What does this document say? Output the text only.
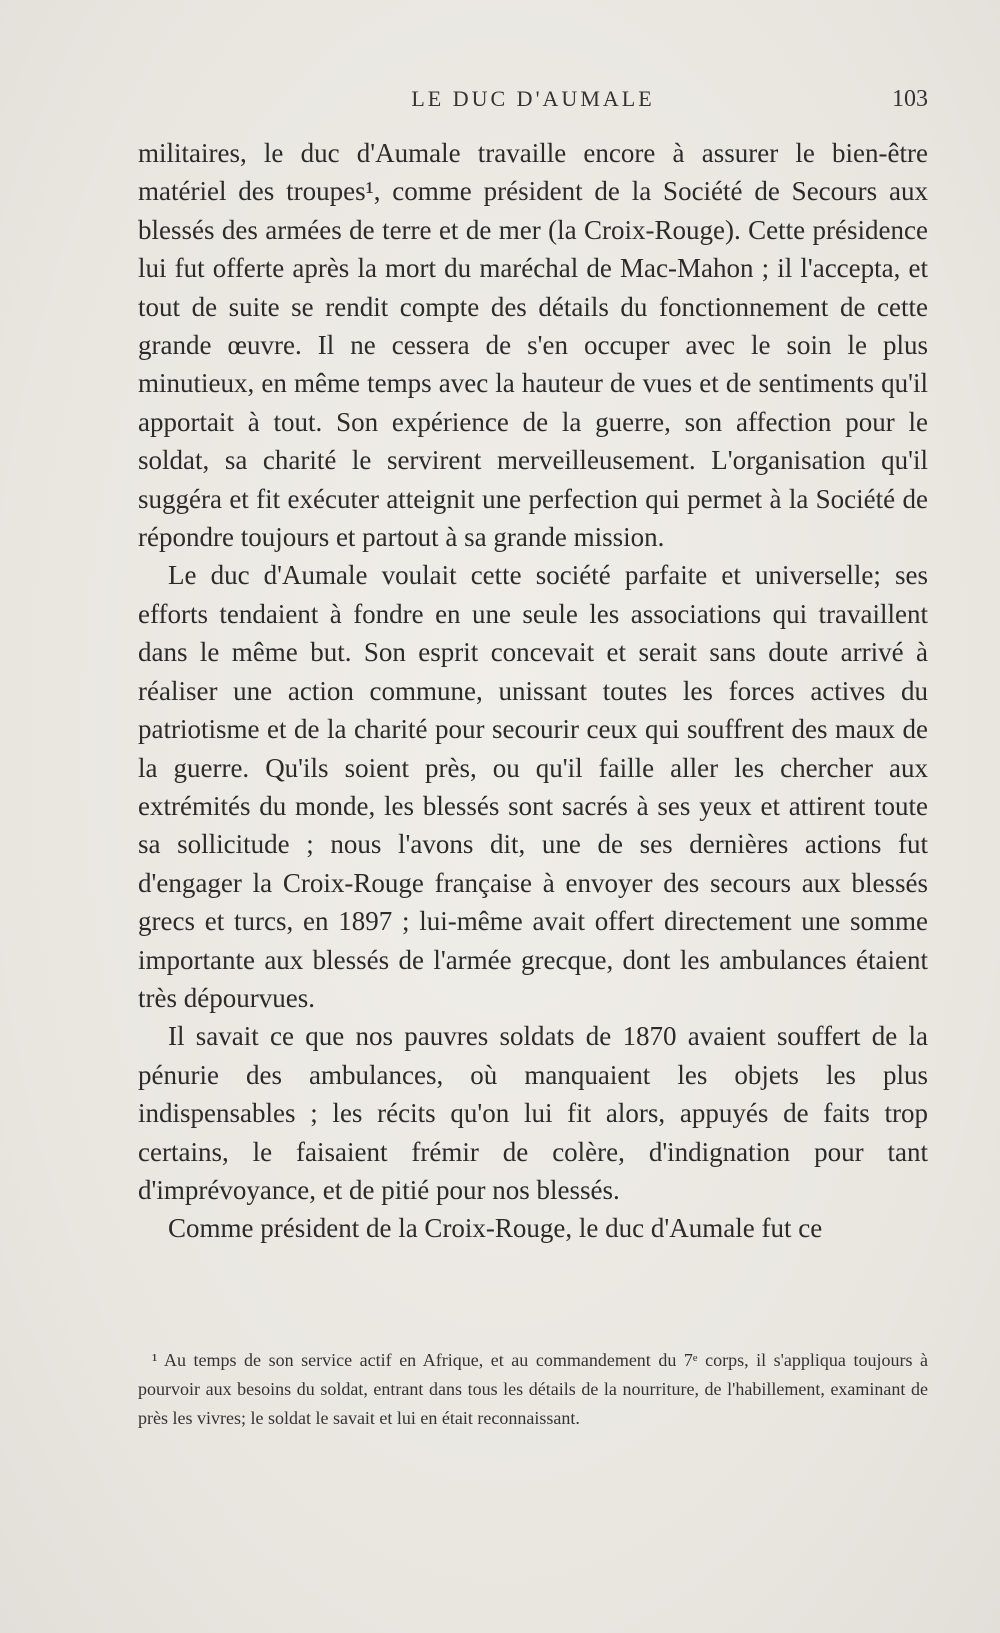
LE DUC D'AUMALE	103

militaires, le duc d'Aumale travaille encore à assurer le bien-être matériel des troupes¹, comme président de la Société de Secours aux blessés des armées de terre et de mer (la Croix-Rouge). Cette présidence lui fut offerte après la mort du maréchal de Mac-Mahon ; il l'accepta, et tout de suite se rendit compte des détails du fonctionnement de cette grande œuvre. Il ne cessera de s'en occuper avec le soin le plus minutieux, en même temps avec la hauteur de vues et de sentiments qu'il apportait à tout. Son expérience de la guerre, son affection pour le soldat, sa charité le servirent merveilleusement. L'organisation qu'il suggéra et fit exécuter atteignit une perfection qui permet à la Société de répondre toujours et partout à sa grande mission.

Le duc d'Aumale voulait cette société parfaite et universelle; ses efforts tendaient à fondre en une seule les associations qui travaillent dans le même but. Son esprit concevait et serait sans doute arrivé à réaliser une action commune, unissant toutes les forces actives du patriotisme et de la charité pour secourir ceux qui souffrent des maux de la guerre. Qu'ils soient près, ou qu'il faille aller les chercher aux extrémités du monde, les blessés sont sacrés à ses yeux et attirent toute sa sollicitude ; nous l'avons dit, une de ses dernières actions fut d'engager la Croix-Rouge française à envoyer des secours aux blessés grecs et turcs, en 1897 ; lui-même avait offert directement une somme importante aux blessés de l'armée grecque, dont les ambulances étaient très dépourvues.

Il savait ce que nos pauvres soldats de 1870 avaient souffert de la pénurie des ambulances, où manquaient les objets les plus indispensables ; les récits qu'on lui fit alors, appuyés de faits trop certains, le faisaient frémir de colère, d'indignation pour tant d'imprévoyance, et de pitié pour nos blessés.

Comme président de la Croix-Rouge, le duc d'Aumale fut ce

¹ Au temps de son service actif en Afrique, et au commandement du 7ᵉ corps, il s'appliqua toujours à pourvoir aux besoins du soldat, entrant dans tous les détails de la nourriture, de l'habillement, examinant de près les vivres; le soldat le savait et lui en était reconnaissant.
